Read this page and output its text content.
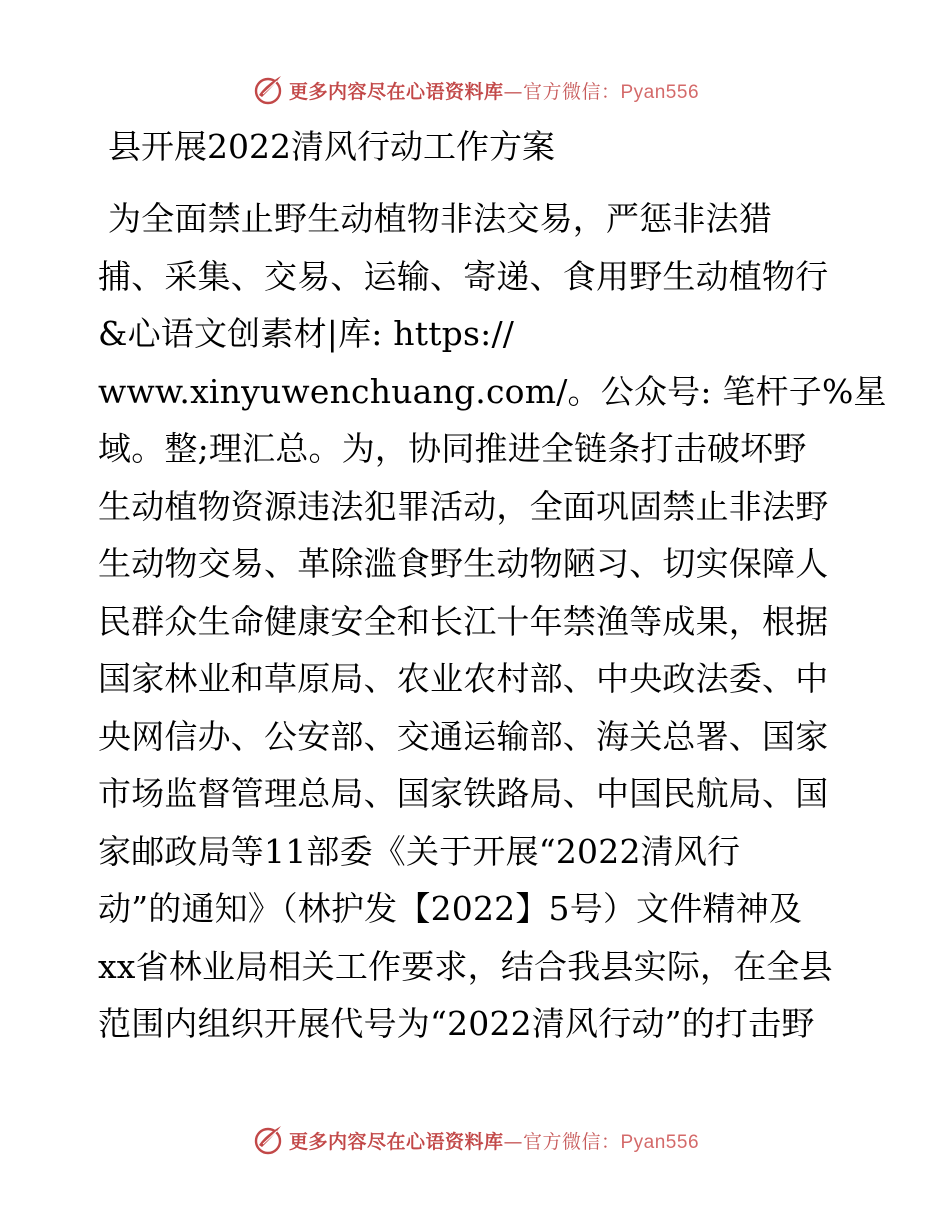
更多内容尽在心语资料库—官方微信：Pyan556
县开展2022清风行动工作方案
为全面禁止野生动植物非法交易，严惩非法猎
捕、采集、交易、运输、寄递、食用野生动植物行
&心语文创素材|库: https://
www.xinyuwenchuang.com/。公众号: 笔杆子%星
域。整;理汇总。为，协同推进全链条打击破坏野
生动植物资源违法犯罪活动，全面巩固禁止非法野
生动物交易、革除滥食野生动物陋习、切实保障人
民群众生命健康安全和长江十年禁渔等成果，根据
国家林业和草原局、农业农村部、中央政法委、中
央网信办、公安部、交通运输部、海关总署、国家
市场监督管理总局、国家铁路局、中国民航局、国
家邮政局等11部委《关于开展“2022清风行
动”的通知》（林护发【2022】5号）文件精神及
xx省林业局相关工作要求，结合我县实际，在全县
范围内组织开展代号为“2022清风行动”的打击野
更多内容尽在心语资料库—官方微信：Pyan556
